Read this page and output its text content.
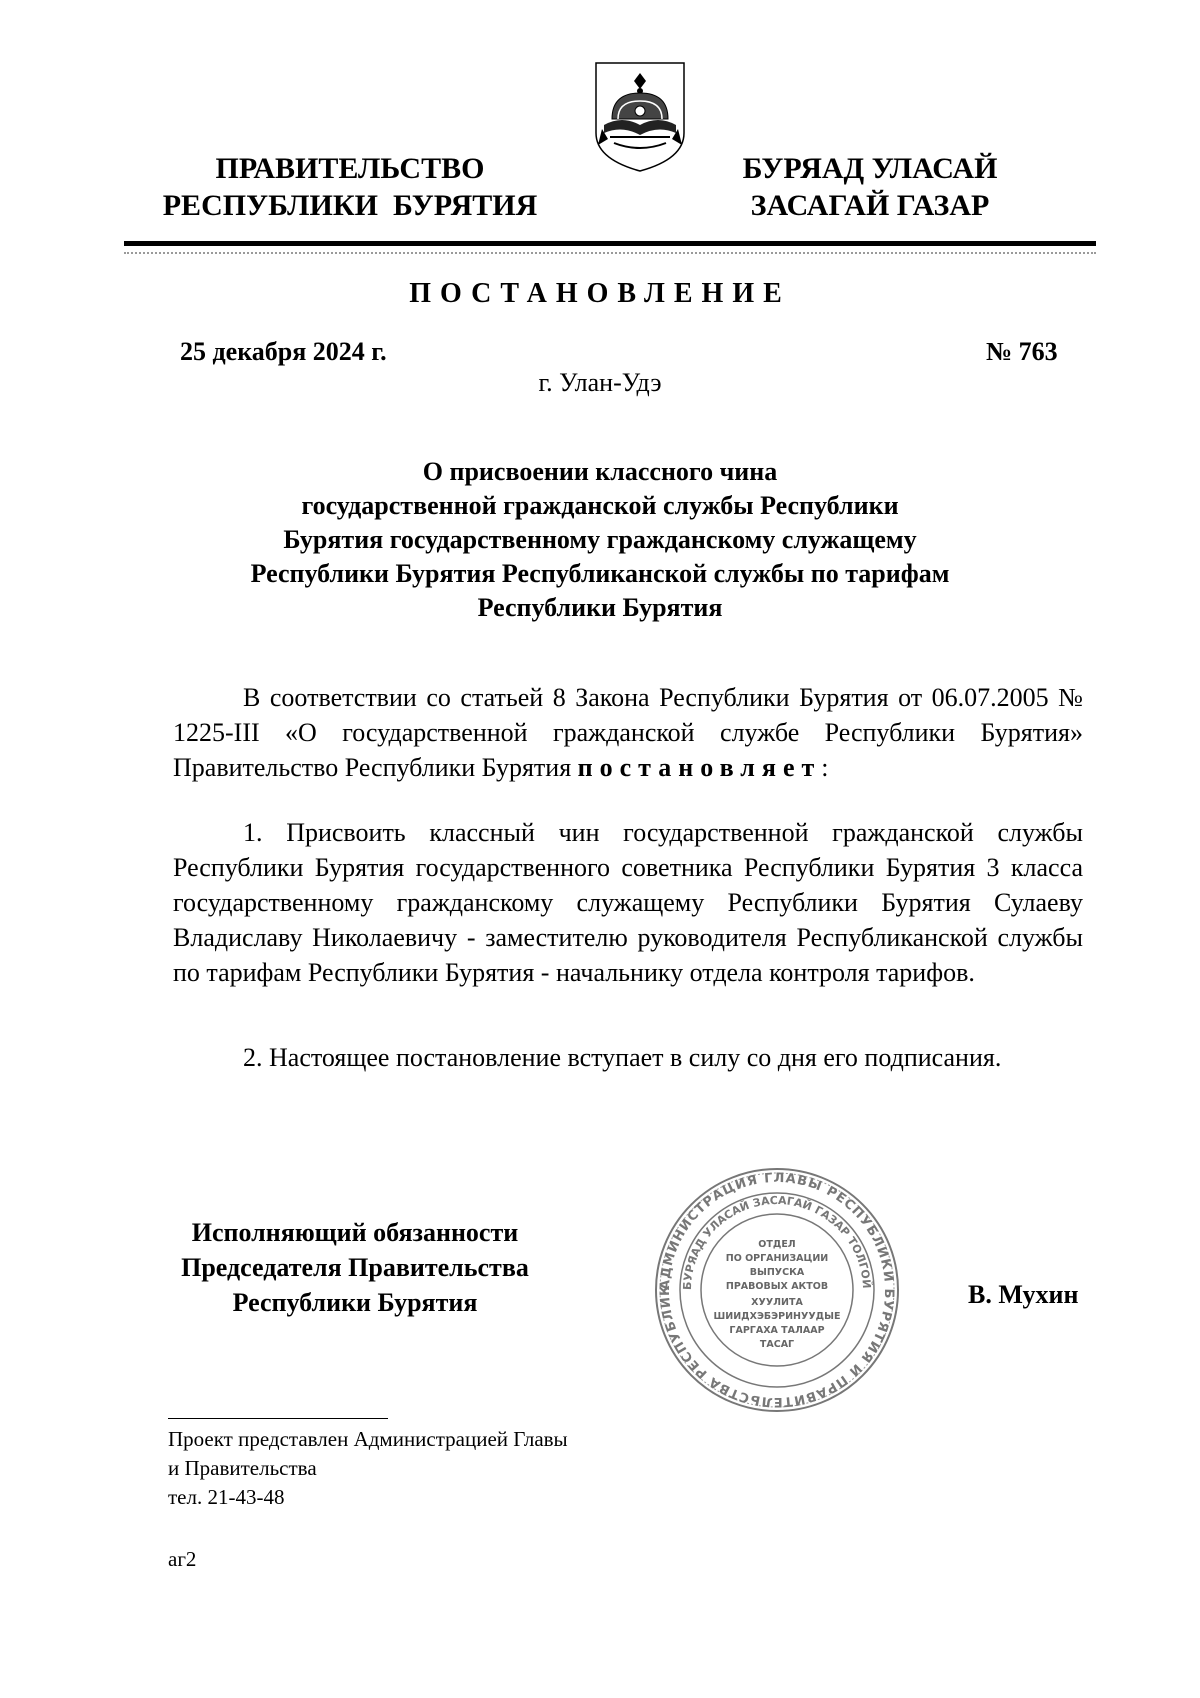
ПРАВИТЕЛЬСТВО
РЕСПУБЛИКИ  БУРЯТИЯ
БУРЯАД УЛАСАЙ
ЗАСАГАЙ ГАЗАР
ПОСТАНОВЛЕНИЕ
25 декабря 2024 г.	№ 763
г. Улан-Удэ
О присвоении классного чина
государственной гражданской службы Республики
Бурятия государственному гражданскому служащему
Республики Бурятия Республиканской службы по тарифам
Республики Бурятия
В соответствии со статьей 8 Закона Республики Бурятия от 06.07.2005 № 1225-III «О государственной гражданской службе Республики Бурятия» Правительство Республики Бурятия постановляет:
1. Присвоить классный чин государственной гражданской службы Республики Бурятия государственного советника Республики Бурятия 3 класса государственному гражданскому служащему Республики Бурятия Сулаеву Владиславу Николаевичу - заместителю руководителя Республиканской службы по тарифам Республики Бурятия - начальнику отдела контроля тарифов.
2. Настоящее постановление вступает в силу со дня его подписания.
Исполняющий обязанности
Председателя Правительства
Республики Бурятия
АДМИНИСТРАЦИЯ ГЛАВЫ РЕСПУБЛИКИ БУРЯТИЯ И ПРАВИТЕЛЬСТВА РЕСПУБЛИК БУРЯАД УЛАСАЙ ЗАСАГАЙ ГАЗАР ТОЛГОЙ
ОТДЕЛ
ПО ОРГАНИЗАЦИИ
ВЫПУСКА
ПРАВОВЫХ АКТОВ
ХУУЛИТА
ШИИДХЭБЭРИНУУДЫЕ
ГАРГАХА ТАЛААР
ТАСАГ
В. Мухин
Проект представлен Администрацией Главы
и Правительства
тел. 21-43-48
аг2
